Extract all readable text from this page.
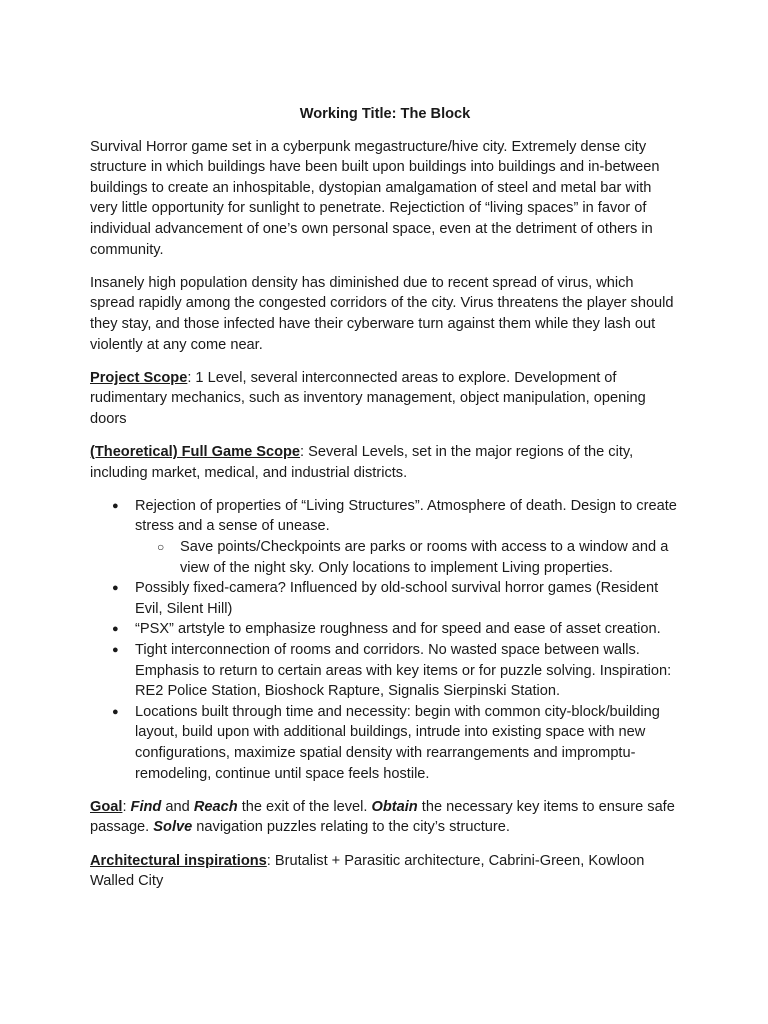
Working Title: The Block

Survival Horror game set in a cyberpunk megastructure/hive city. Extremely dense city structure in which buildings have been built upon buildings into buildings and in-between buildings to create an inhospitable, dystopian amalgamation of steel and metal bar with very little opportunity for sunlight to penetrate. Rejectiction of “living spaces” in favor of individual advancement of one’s own personal space, even at the detriment of others in community.

Insanely high population density has diminished due to recent spread of virus, which spread rapidly among the congested corridors of the city. Virus threatens the player should they stay, and those infected have their cyberware turn against them while they lash out violently at any come near.

Project Scope: 1 Level, several interconnected areas to explore. Development of rudimentary mechanics, such as inventory management, object manipulation, opening doors

(Theoretical) Full Game Scope: Several Levels, set in the major regions of the city, including market, medical, and industrial districts.

● Rejection of properties of “Living Structures”. Atmosphere of death. Design to create stress and a sense of unease.
○ Save points/Checkpoints are parks or rooms with access to a window and a view of the night sky. Only locations to implement Living properties.
● Possibly fixed-camera? Influenced by old-school survival horror games (Resident Evil, Silent Hill)
● “PSX” artstyle to emphasize roughness and for speed and ease of asset creation.
● Tight interconnection of rooms and corridors. No wasted space between walls. Emphasis to return to certain areas with key items or for puzzle solving. Inspiration: RE2 Police Station, Bioshock Rapture, Signalis Sierpinski Station.
● Locations built through time and necessity: begin with common city-block/building layout, build upon with additional buildings, intrude into existing space with new configurations, maximize spatial density with rearrangements and impromptu-remodeling, continue until space feels hostile.

Goal: Find and Reach the exit of the level. Obtain the necessary key items to ensure safe passage. Solve navigation puzzles relating to the city’s structure.

Architectural inspirations: Brutalist + Parasitic architecture, Cabrini-Green, Kowloon Walled City
